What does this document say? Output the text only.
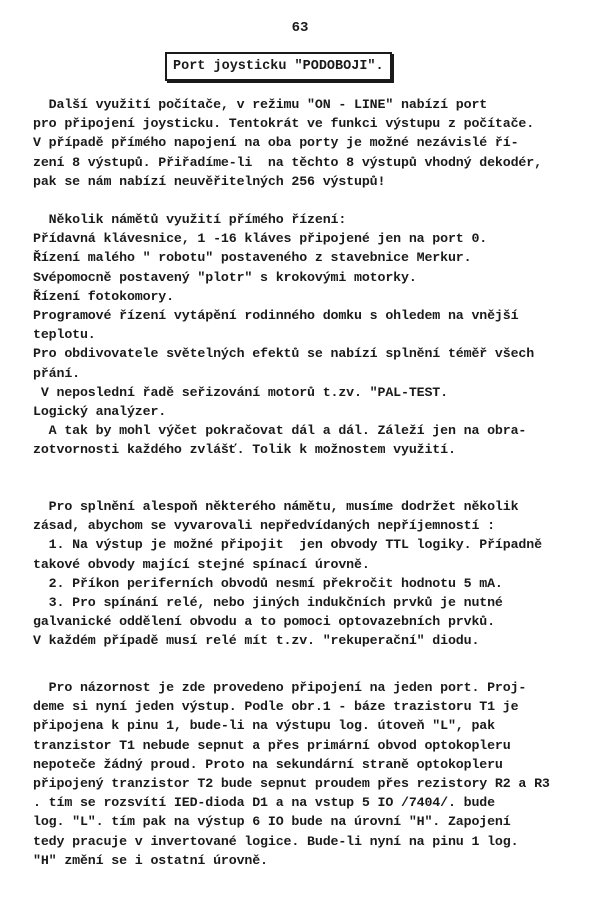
63
Port joysticku "PODOBOJI".
Další využití počítače, v režimu "ON - LINE" nabízí port
pro připojení joysticku. Tentokrát ve funkci výstupu z počítače.
V případě přímého napojení na oba porty je možné nezávislé ří-
zení 8 výstupů. Přiřadíme-li  na těchto 8 výstupů vhodný dekodér,
pak se nám nabízí neuvěřitelných 256 výstupů!
Několik námětů využití přímého řízení:
Přídavná klávesnice, 1 -16 kláves připojené jen na port 0.
Řízení malého " robotu" postaveného z stavebnice Merkur.
Svépomocně postavený "plotr" s krokovými motorky.
Řízení fotokomory.
Programové řízení vytápění rodinného domku s ohledem na vnější
teplotu.
Pro obdivovatele světelných efektů se nabízí splnění téměř všech
přání.
V neposlední řadě seřizování motorů t.zv. "PAL-TEST.
Logický analýzer.
A tak by mohl výčet pokračovat dál a dál. Záleží jen na obra-
zotvornosti každého zvlášť. Tolik k možnostem využití.
Pro splnění alespoň některého námětu, musíme dodržet několik
zásad, abychom se vyvarovali nepředvídaných nepříjemností :
1. Na výstup je možné připojit  jen obvody TTL logiky. Případně
takové obvody mající stejné spínací úrovně.
2. Příkon periferních obvodů nesmí překročit hodnotu 5 mA.
3. Pro spínání relé, nebo jiných indukčních prvků je nutné
galvanické oddělení obvodu a to pomoci optovazebních prvků.
V každém případě musí relé mít t.zv. "rekuperační" diodu.
Pro názornost je zde provedeno připojení na jeden port. Proj-
deme si nyní jeden výstup. Podle obr.1 - báze trazistoru T1 je
připojena k pinu 1, bude-li na výstupu log. útoveň "L", pak
tranzistor T1 nebude sepnut a přes primární obvod optokopleru
nepoteče žádný proud. Proto na sekundární straně optokopleru
připojený tranzistor T2 bude sepnut proudem přes rezistory R2 a R3
. tím se rozsvítí IED-dioda D1 a na vstup 5 IO /7404/. bude
log. "L". tím pak na výstup 6 IO bude na úrovní "H". Zapojení
tedy pracuje v invertované logice. Bude-li nyní na pinu 1 log.
"H" změní se i ostatní úrovně.
